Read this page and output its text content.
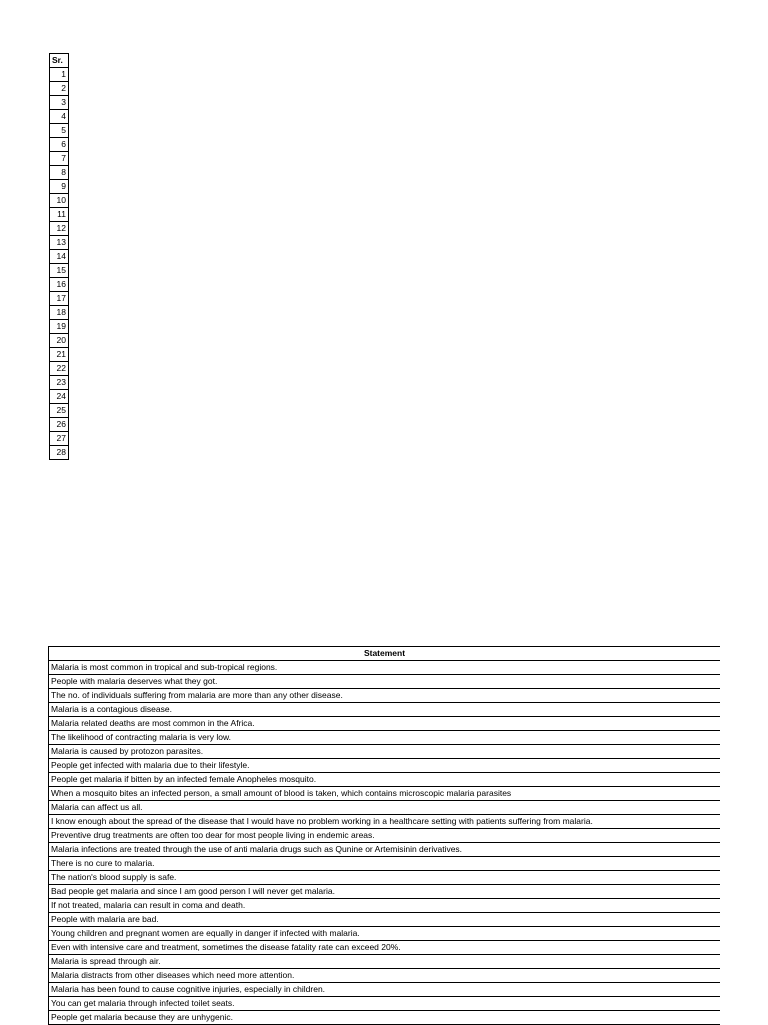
Sr.
1
2
3
4
5
6
7
8
9
10
11
12
13
14
15
16
17
18
19
20
21
22
23
24
25
26
27
28
Statement
Malaria is most common in tropical and sub-tropical regions.
People with malaria deserves what they got.
The no. of individuals suffering from malaria are more than any other disease.
Malaria is a contagious disease.
Malaria related deaths are most common in the Africa.
The likelihood of contracting malaria is very low.
Malaria is caused by protozon parasites.
People get infected with malaria due to their lifestyle.
People get malaria if bitten by an infected female Anopheles mosquito.
When a mosquito bites an infected person, a small amount of blood is taken, which contains microscopic malaria parasites
Malaria can affect us all.
I know enough about the spread of the disease that I would have no problem working in a healthcare setting with patients suffering from malaria.
Preventive drug treatments are often too dear for most people living in endemic areas.
Malaria infections are treated through the use of anti malaria drugs such as Qunine or Artemisinin derivatives.
There is no cure to malaria.
The nation's blood supply is safe.
Bad people get malaria and since I am good person I will never get malaria.
If not treated, malaria can result in coma and death.
People with malaria are bad.
Young children and pregnant women are equally in danger if infected with malaria.
Even with intensive care and treatment, sometimes the disease fatality rate can exceed 20%.
Malaria is spread through air.
Malaria distracts from other diseases which need more attention.
Malaria has been found to cause cognitive injuries, especially in children.
You can get malaria through infected toilet seats.
People get malaria because they are unhygenic.
